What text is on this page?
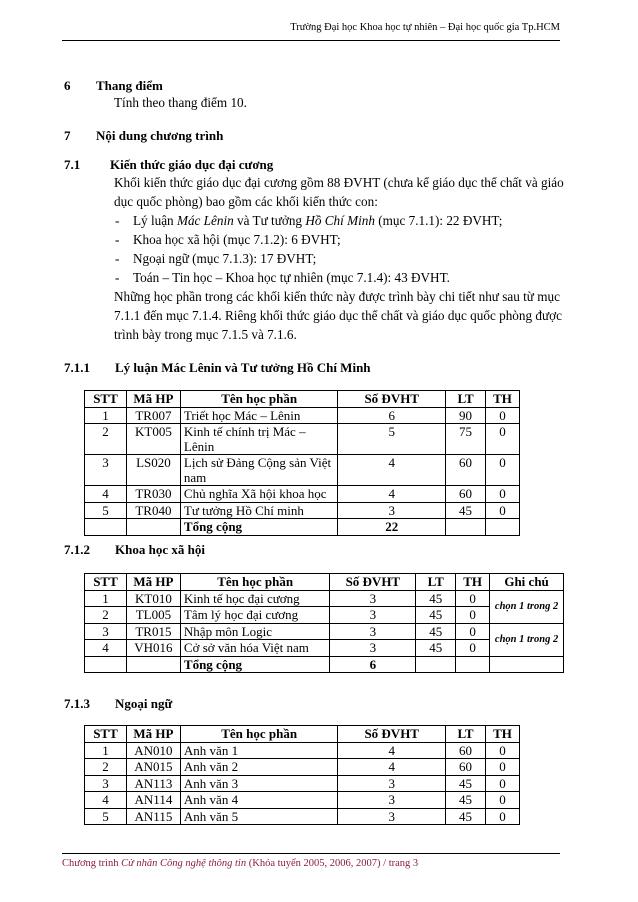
Trường Đại học Khoa học tự nhiên – Đại học quốc gia Tp.HCM
6 Thang điểm
Tính theo thang điểm 10.
7 Nội dung chương trình
7.1 Kiến thức giáo dục đại cương
Khối kiến thức giáo dục đại cương gồm 88 ĐVHT (chưa kể giáo dục thể chất và giáo
dục quốc phòng) bao gồm các khối kiến thức con:
- Lý luận Mác Lênin và Tư tưởng Hồ Chí Minh (mục 7.1.1): 22 ĐVHT;
- Khoa học xã hội (mục 7.1.2): 6 ĐVHT;
- Ngoại ngữ (mục 7.1.3): 17 ĐVHT;
- Toán – Tin học – Khoa học tự nhiên (mục 7.1.4): 43 ĐVHT.
Những học phần trong các khối kiến thức này được trình bày chi tiết như sau từ mục
7.1.1 đến mục 7.1.4. Riêng khối thức giáo dục thể chất và giáo dục quốc phòng được
trình bày trong mục 7.1.5 và 7.1.6.
7.1.1 Lý luận Mác Lênin và Tư tưởng Hồ Chí Minh
STT	Mã HP	Tên học phần	Số ĐVHT	LT	TH
1	TR007	Triết học Mác – Lênin	6	90	0
2	KT005	Kinh tế chính trị Mác – Lênin	5	75	0
3	LS020	Lịch sử Đảng Cộng sản Việt nam	4	60	0
4	TR030	Chủ nghĩa Xã hội khoa học	4	60	0
5	TR040	Tư tưởng Hồ Chí minh	3	45	0
		Tổng cộng	22		
7.1.2 Khoa học xã hội
STT	Mã HP	Tên học phần	Số ĐVHT	LT	TH	Ghi chú
1	KT010	Kinh tế học đại cương	3	45	0	chọn 1 trong 2
2	TL005	Tâm lý học đại cương	3	45	0	
3	TR015	Nhập môn Logic	3	45	0	chọn 1 trong 2
4	VH016	Cở sở văn hóa Việt nam	3	45	0	
		Tổng cộng	6			
7.1.3 Ngoại ngữ
STT	Mã HP	Tên học phần	Số ĐVHT	LT	TH
1	AN010	Anh văn 1	4	60	0
2	AN015	Anh văn 2	4	60	0
3	AN113	Anh văn 3	3	45	0
4	AN114	Anh văn 4	3	45	0
5	AN115	Anh văn 5	3	45	0
Chương trình Cử nhân Công nghệ thông tin (Khóa tuyển 2005, 2006, 2007) / trang 3
